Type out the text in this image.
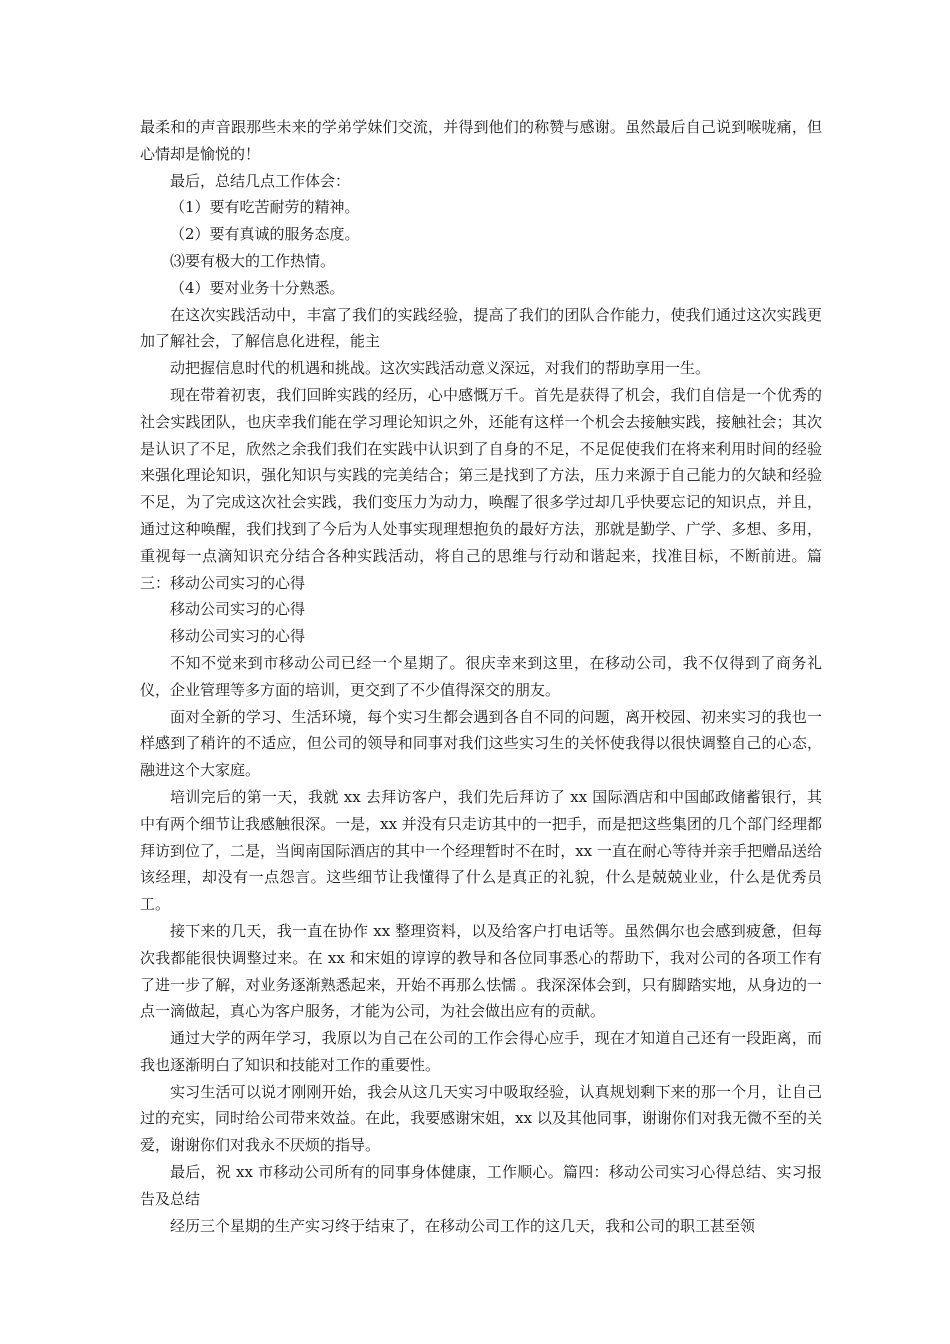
最柔和的声音跟那些未来的学弟学妹们交流，并得到他们的称赞与感谢。虽然最后自己说到喉咙痛，但心情却是愉悦的！

最后，总结几点工作体会：

（1）要有吃苦耐劳的精神。

（2）要有真诚的服务态度。

⑶要有极大的工作热情。

（4）要对业务十分熟悉。

在这次实践活动中，丰富了我们的实践经验，提高了我们的团队合作能力，使我们通过这次实践更加了解社会，了解信息化进程，能主

动把握信息时代的机遇和挑战。这次实践活动意义深远，对我们的帮助享用一生。

现在带着初衷，我们回眸实践的经历，心中感慨万千。首先是获得了机会，我们自信是一个优秀的社会实践团队，也庆幸我们能在学习理论知识之外，还能有这样一个机会去接触实践，接触社会；其次是认识了不足，欣然之余我们我们在实践中认识到了自身的不足，不足促使我们在将来利用时间的经验来强化理论知识，强化知识与实践的完美结合；第三是找到了方法，压力来源于自己能力的欠缺和经验不足，为了完成这次社会实践，我们变压力为动力，唤醒了很多学过却几乎快要忘记的知识点，并且，通过这种唤醒，我们找到了今后为人处事实现理想抱负的最好方法，那就是勤学、广学、多想、多用，重视每一点滴知识充分结合各种实践活动，将自己的思维与行动和谐起来，找准目标，不断前进。篇三：移动公司实习的心得

移动公司实习的心得

移动公司实习的心得

不知不觉来到市移动公司已经一个星期了。很庆幸来到这里，在移动公司，我不仅得到了商务礼仪，企业管理等多方面的培训，更交到了不少值得深交的朋友。

面对全新的学习、生活环境，每个实习生都会遇到各自不同的问题，离开校园、初来实习的我也一样感到了稍许的不适应，但公司的领导和同事对我们这些实习生的关怀使我得以很快调整自己的心态，融进这个大家庭。

培训完后的第一天，我就 xx 去拜访客户，我们先后拜访了 xx 国际酒店和中国邮政储蓄银行，其中有两个细节让我感触很深。一是，xx 并没有只走访其中的一把手，而是把这些集团的几个部门经理都拜访到位了，二是，当闽南国际酒店的其中一个经理暂时不在时，xx 一直在耐心等待并亲手把赠品送给该经理，却没有一点怨言。这些细节让我懂得了什么是真正的礼貌，什么是兢兢业业，什么是优秀员工。

接下来的几天，我一直在协作 xx 整理资料，以及给客户打电话等。虽然偶尔也会感到疲惫，但每次我都能很快调整过来。在 xx 和宋姐的谆谆的教导和各位同事悉心的帮助下，我对公司的各项工作有了进一步了解，对业务逐渐熟悉起来，开始不再那么怯懦 。我深深体会到，只有脚踏实地，从身边的一点一滴做起，真心为客户服务，才能为公司，为社会做出应有的贡献。

通过大学的两年学习，我原以为自己在公司的工作会得心应手，现在才知道自己还有一段距离，而我也逐渐明白了知识和技能对工作的重要性。

实习生活可以说才刚刚开始，我会从这几天实习中吸取经验，认真规划剩下来的那一个月，让自己过的充实，同时给公司带来效益。在此，我要感谢宋姐，xx 以及其他同事，谢谢你们对我无微不至的关爱，谢谢你们对我永不厌烦的指导。

最后，祝 xx 市移动公司所有的同事身体健康，工作顺心。篇四：移动公司实习心得总结、实习报告及总结

经历三个星期的生产实习终于结束了，在移动公司工作的这几天，我和公司的职工甚至领
